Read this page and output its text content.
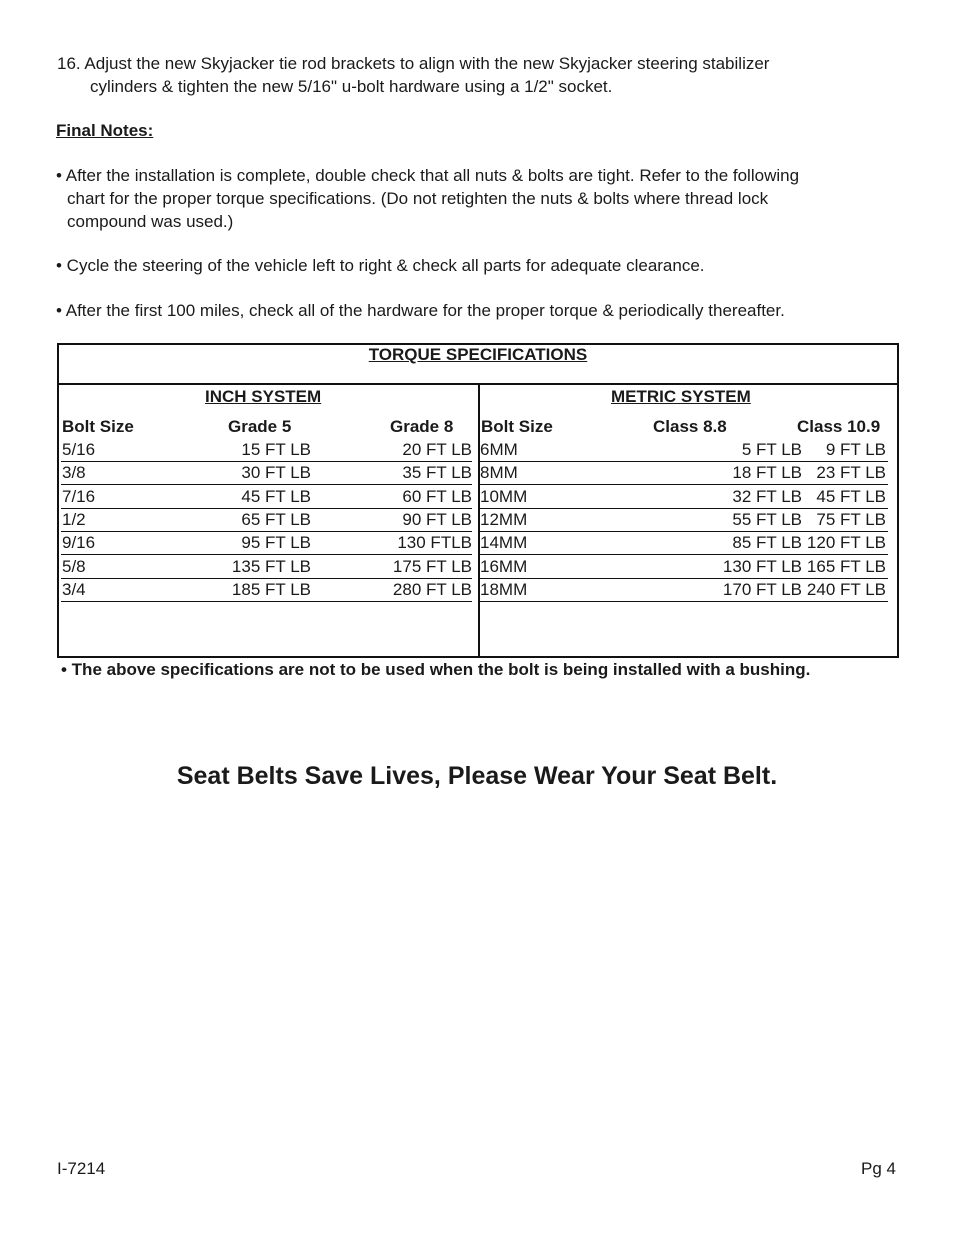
16. Adjust the new Skyjacker tie rod brackets to align with the new Skyjacker steering stabilizer
cylinders & tighten the new 5/16" u-bolt hardware using a 1/2" socket.
Final Notes:
• After the installation is complete, double check that all nuts & bolts are tight. Refer to the following
chart for the proper torque specifications. (Do not retighten the nuts & bolts where thread lock
compound was used.)
• Cycle the steering of the vehicle left to right & check all parts for adequate clearance.
• After the first 100 miles, check all of the hardware for the proper torque & periodically thereafter.
TORQUE SPECIFICATIONS
INCH SYSTEM	METRIC SYSTEM
Bolt Size	Grade 5	Grade 8 Bolt Size	Class 8.8	Class 10.9
5/16	15 FT LB	20 FT LB
3/8	30 FT LB	35 FT LB
7/16	45 FT LB	60 FT LB
1/2	65 FT LB	90 FT LB
9/16	95 FT LB	130 FTLB
5/8	135 FT LB	175 FT LB
3/4	185 FT LB	280 FT LB
6MM	5 FT LB	9 FT LB
8MM	18 FT LB 23 FT LB
10MM	32 FT LB 45 FT LB
12MM	55 FT LB 75 FT LB
14MM	85 FT LB 120 FT LB
16MM	130 FT LB 165 FT LB
18MM	170 FT LB 240 FT LB
• The above specifications are not to be used when the bolt is being installed with a bushing.
Seat Belts Save Lives, Please Wear Your Seat Belt.
I-7214	Pg 4
